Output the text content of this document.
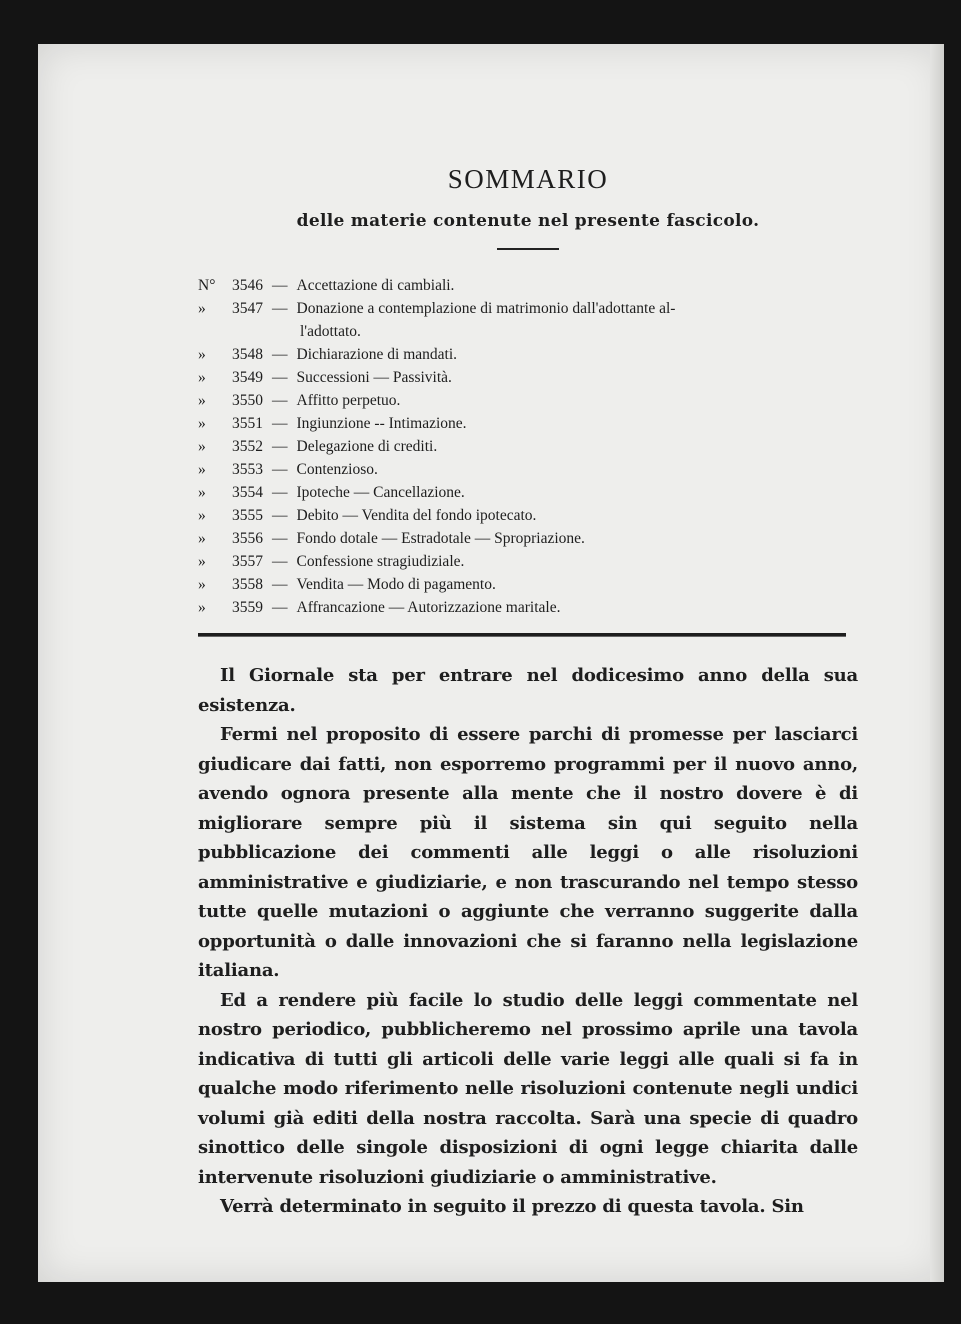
SOMMARIO
delle materie contenute nel presente fascicolo.
N°	3546 — Accettazione di cambiali.
»	3547 — Donazione a contemplazione di matrimonio dall'adottante al-
l'adottato.
»	3548 — Dichiarazione di mandati.
»	3549 — Successioni — Passività.
»	3550 — Affitto perpetuo.
»	3551 — Ingiunzione -- Intimazione.
»	3552 — Delegazione di crediti.
»	3553 — Contenzioso.
»	3554 — Ipoteche — Cancellazione.
»	3555 — Debito — Vendita del fondo ipotecato.
»	3556 — Fondo dotale — Estradotale — Spropriazione.
»	3557 — Confessione stragiudiziale.
»	3558 — Vendita — Modo di pagamento.
»	3559 — Affrancazione — Autorizzazione maritale.

Il Giornale sta per entrare nel dodicesimo anno della sua esistenza.

Fermi nel proposito di essere parchi di promesse per lasciarci giudicare dai fatti, non esporremo programmi per il nuovo anno, avendo ognora presente alla mente che il nostro dovere è di migliorare sempre più il sistema sin qui seguito nella pubblicazione dei commenti alle leggi o alle risoluzioni amministrative e giudiziarie, e non trascurando nel tempo stesso tutte quelle mutazioni o aggiunte che verranno suggerite dalla opportunità o dalle innovazioni che si faranno nella legislazione italiana.

Ed a rendere più facile lo studio delle leggi commentate nel nostro periodico, pubblicheremo nel prossimo aprile una tavola indicativa di tutti gli articoli delle varie leggi alle quali si fa in qualche modo riferimento nelle risoluzioni contenute negli undici volumi già editi della nostra raccolta. Sarà una specie di quadro sinottico delle singole disposizioni di ogni legge chiarita dalle intervenute risoluzioni giudiziarie o amministrative.

Verrà determinato in seguito il prezzo di questa tavola. Sin
